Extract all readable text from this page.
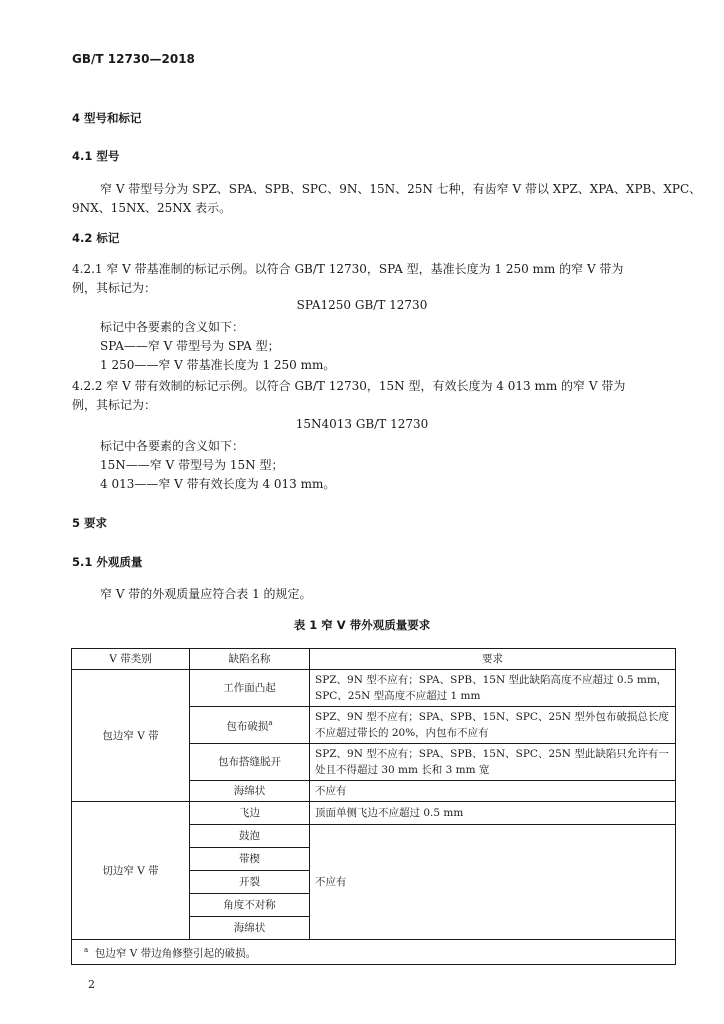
GB/T 12730—2018
4 型号和标记
4.1 型号
窄 V 带型号分为 SPZ、SPA、SPB、SPC、9N、15N、25N 七种，有齿窄 V 带以 XPZ、XPA、XPB、XPC、
9NX、15NX、25NX 表示。
4.2 标记
4.2.1 窄 V 带基准制的标记示例。以符合 GB/T 12730，SPA 型，基准长度为 1 250 mm 的窄 V 带为
例，其标记为：
SPA1250 GB/T 12730
标记中各要素的含义如下：
SPA——窄 V 带型号为 SPA 型；
1 250——窄 V 带基准长度为 1 250 mm。
4.2.2 窄 V 带有效制的标记示例。以符合 GB/T 12730，15N 型，有效长度为 4 013 mm 的窄 V 带为
例，其标记为：
15N4013 GB/T 12730
标记中各要素的含义如下：
15N——窄 V 带型号为 15N 型；
4 013——窄 V 带有效长度为 4 013 mm。
5 要求
5.1 外观质量
窄 V 带的外观质量应符合表 1 的规定。
表 1 窄 V 带外观质量要求
V 带类别	缺陷名称	要求
包边窄 V 带	工作面凸起	SPZ、9N 型不应有；SPA、SPB、15N 型此缺陷高度不应超过 0.5 mm，SPC、25N 型高度不应超过 1 mm
	包布破损$^a$	SPZ、9N 型不应有；SPA、SPB、15N、SPC、25N 型外包布破损总长度不应超过带长的 20%，内包布不应有
	包布搭缝脱开	SPZ、9N 型不应有；SPA、SPB、15N、SPC、25N 型此缺陷只允许有一处且不得超过 30 mm 长和 3 mm 宽
	海绵状	不应有
切边窄 V 带	飞边	顶面单侧飞边不应超过 0.5 mm
	鼓泡	不应有
	带楔	
	开裂	
	角度不对称	
	海绵状	
$^a$ 包边窄 V 带边角修整引起的破损。		
2
